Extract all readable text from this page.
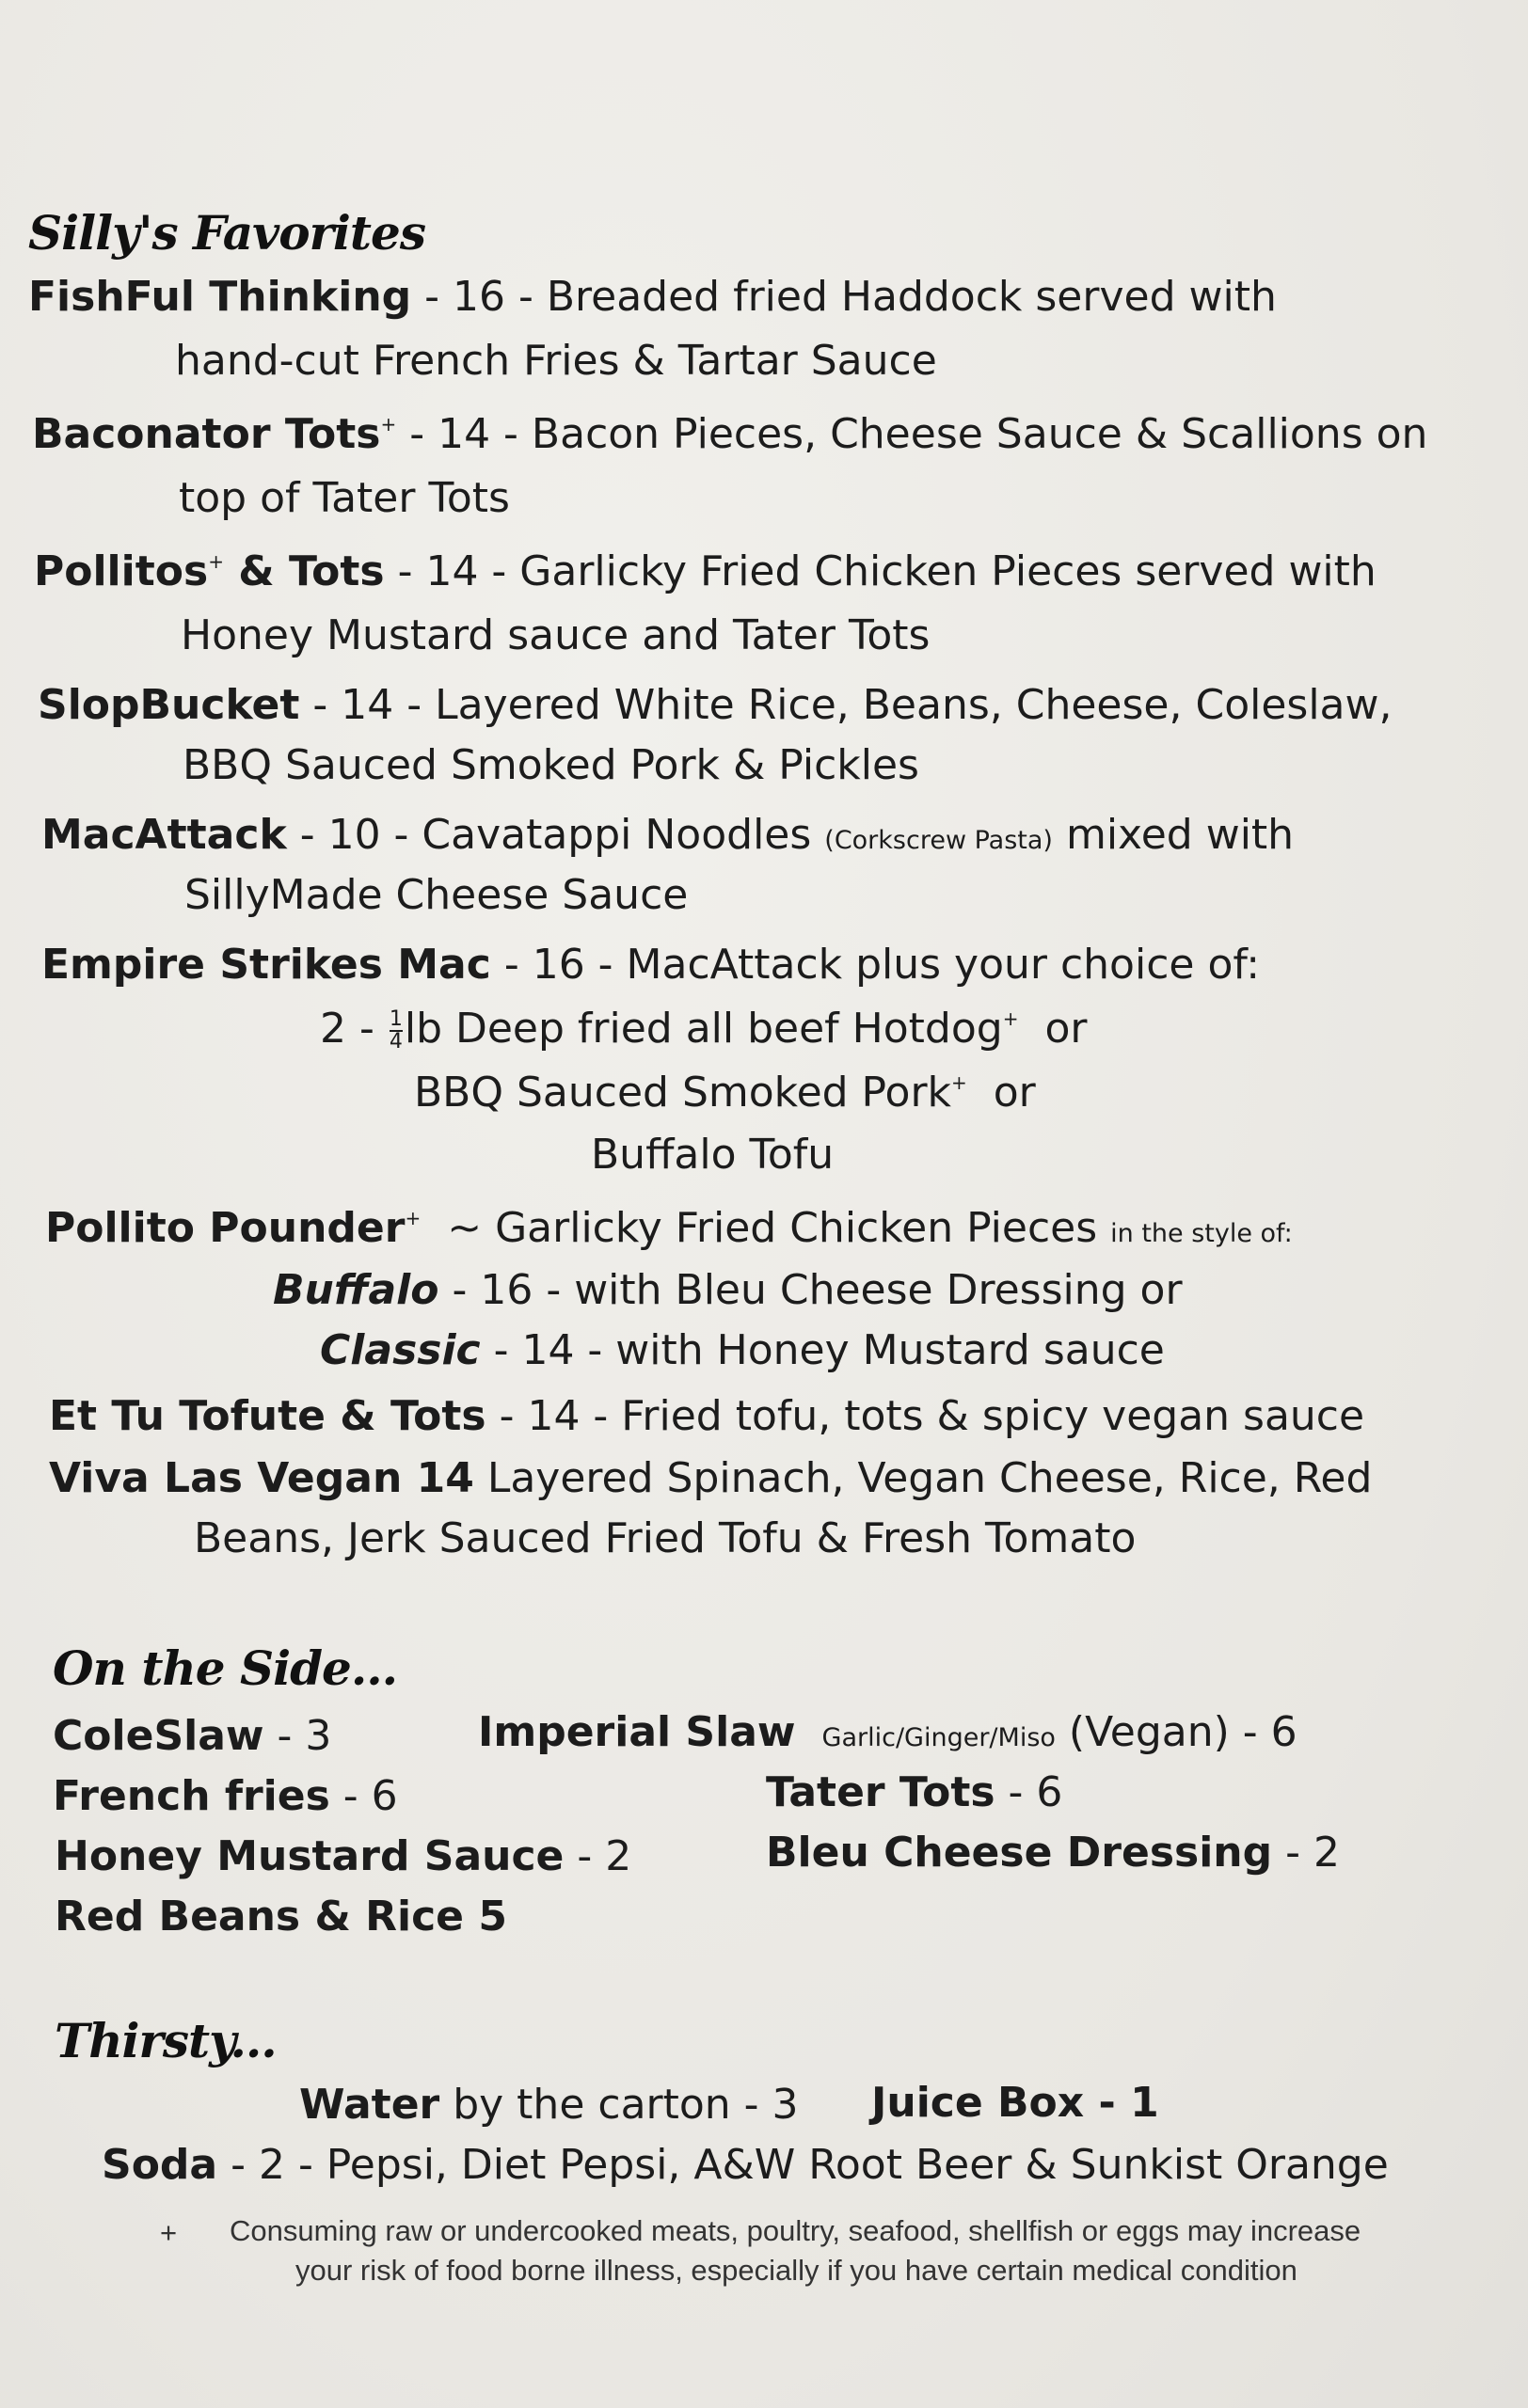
Silly's Favorites
FishFul Thinking - 16 - Breaded fried Haddock served with
hand-cut French Fries & Tartar Sauce
Baconator Tots+ - 14 - Bacon Pieces, Cheese Sauce & Scallions on
top of Tater Tots
Pollitos+ & Tots - 14 - Garlicky Fried Chicken Pieces served with
Honey Mustard sauce and Tater Tots
SlopBucket - 14 - Layered White Rice, Beans, Cheese, Coleslaw,
BBQ Sauced Smoked Pork & Pickles
MacAttack - 10 - Cavatappi Noodles (Corkscrew Pasta) mixed with
SillyMade Cheese Sauce
Empire Strikes Mac - 16 - MacAttack plus your choice of:
$2 - \frac{1}{4}$ lb Deep fried all beef Hotdog+ or
BBQ Sauced Smoked Pork+ or
Buffalo Tofu
Pollito Pounder+  ~ Garlicky Fried Chicken Pieces in the style of:
Buffalo - 16 - with Bleu Cheese Dressing or
Classic - 14 - with Honey Mustard sauce
Et Tu Tofute & Tots - 14 - Fried tofu, tots & spicy vegan sauce
Viva Las Vegan 14 Layered Spinach, Vegan Cheese, Rice, Red
Beans, Jerk Sauced Fried Tofu & Fresh Tomato
On the Side...
ColeSlaw - 3	Imperial Slaw Garlic/Ginger/Miso (Vegan) - 6
French fries - 6	Tater Tots - 6
Honey Mustard Sauce - 2	Bleu Cheese Dressing - 2
Red Beans & Rice 5
Thirsty...
Water by the carton - 3 Juice Box - 1
Soda - 2 - Pepsi, Diet Pepsi, A&W Root Beer & Sunkist Orange
+ Consuming raw or undercooked meats, poultry, seafood, shellfish or eggs may increase
your risk of food borne illness, especially if you have certain medical condition
